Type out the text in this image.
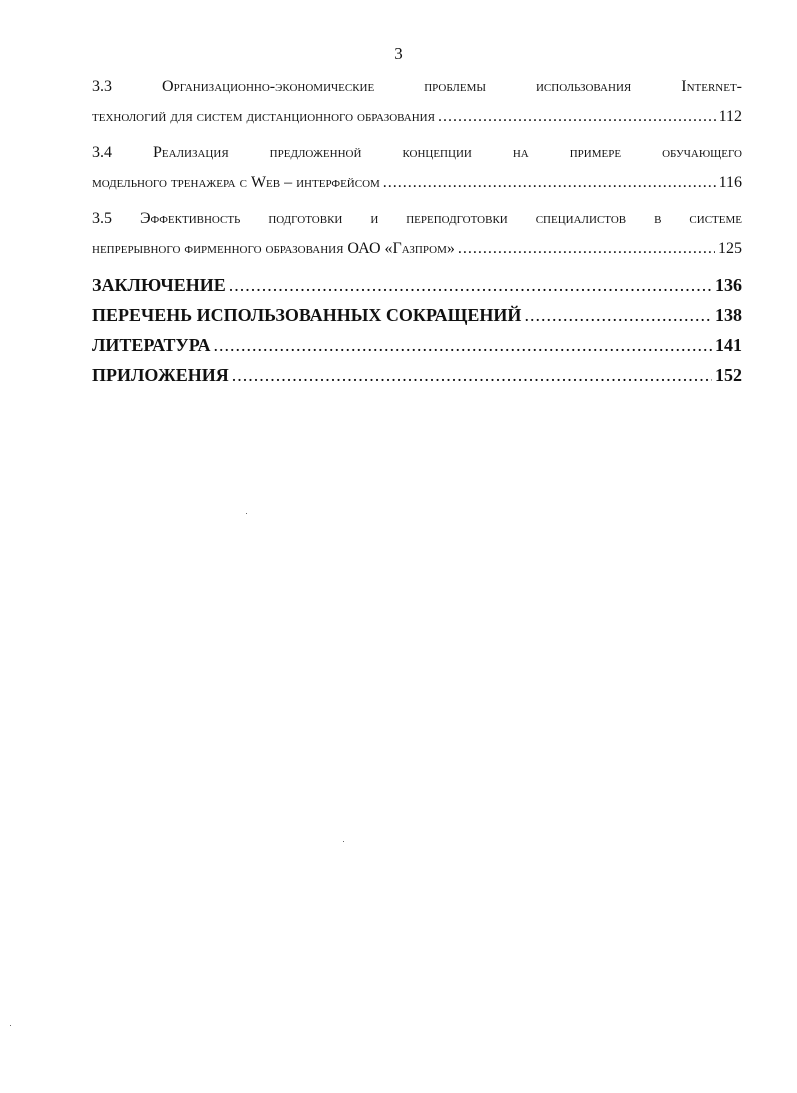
3
3.3 Организационно-экономические проблемы использования Internet-
технологий для систем дистанционного образования .....	112
3.4 Реализация предложенной концепции на примере обучающего
модельного тренажера с Web – интерфейсом .....	116
3.5 Эффективность подготовки и переподготовки специалистов в системе
непрерывного фирменного образования ОАО «Газпром» .....	125
ЗАКЛЮЧЕНИЕ .....	136
ПЕРЕЧЕНЬ ИСПОЛЬЗОВАННЫХ СОКРАЩЕНИЙ .....	138
ЛИТЕРАТУРА .....	141
ПРИЛОЖЕНИЯ .....	152
